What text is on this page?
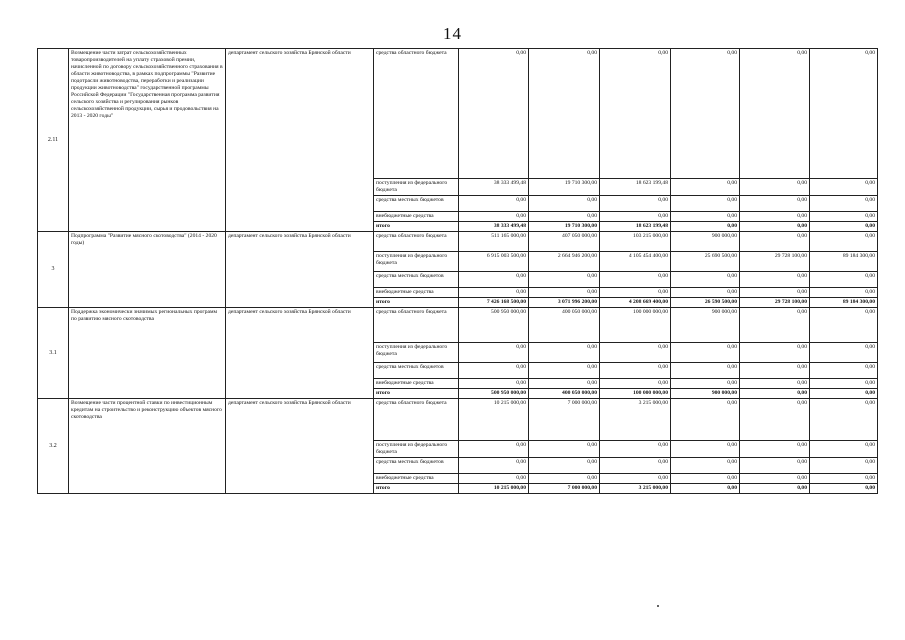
14
2.11	Возмещение части затрат сельскохозяйственных товаропроизводителей на уплату страховой премии, начисленной по договору сельскохозяйственного страхования в области животноводства, в рамках подпрограммы "Развитие подотрасли животноводства, переработки и реализации продукции животноводства" государственной программы Российской Федерации "Государственная программа развития сельского хозяйства и регулирования рынков сельскохозяйственной продукции, сырья и продовольствия на 2013 - 2020 годы"	департамент сельского хозяйства Брянской области	средства областного бюджета	0,00	0,00	0,00	0,00	0,00	0,00
			поступления из федерального бюджета	38 333 499,48	19 710 300,00	18 623 199,48	0,00	0,00	0,00
			средства местных бюджетов	0,00	0,00	0,00	0,00	0,00	0,00
			внебюджетные средства	0,00	0,00	0,00	0,00	0,00	0,00
			итого	38 333 499,48	19 710 300,00	18 623 199,48	0,00	0,00	0,00
3	Подпрограмма "Развитие мясного скотоводства" (2014 - 2020 годы)	департамент сельского хозяйства Брянской области	средства областного бюджета	511 165 000,00	407 050 000,00	103 215 000,00	900 000,00	0,00	0,00
			поступления из федерального бюджета	6 915 003 500,00	2 664 946 200,00	4 105 454 400,00	25 690 500,00	29 728 100,00	89 184 300,00
			средства местных бюджетов	0,00	0,00	0,00	0,00	0,00	0,00
			внебюджетные средства	0,00	0,00	0,00	0,00	0,00	0,00
			итого	7 426 168 500,00	3 071 996 200,00	4 208 669 400,00	26 590 500,00	29 728 100,00	89 184 300,00
3.1	Поддержка экономически значимых региональных программ по развитию мясного скотоводства	департамент сельского хозяйства Брянской области	средства областного бюджета	500 950 000,00	400 050 000,00	100 000 000,00	900 000,00	0,00	0,00
			поступления из федерального бюджета	0,00	0,00	0,00	0,00	0,00	0,00
			средства местных бюджетов	0,00	0,00	0,00	0,00	0,00	0,00
			внебюджетные средства	0,00	0,00	0,00	0,00	0,00	0,00
			итого	500 950 000,00	400 050 000,00	100 000 000,00	900 000,00	0,00	0,00
3.2	Возмещение части процентной ставки по инвестиционным кредитам на строительство и реконструкцию объектов мясного скотоводства	департамент сельского хозяйства Брянской области	средства областного бюджета	10 215 000,00	7 000 000,00	3 215 000,00	0,00	0,00	0,00
			поступления из федерального бюджета	0,00	0,00	0,00	0,00	0,00	0,00
			средства местных бюджетов	0,00	0,00	0,00	0,00	0,00	0,00
			внебюджетные средства	0,00	0,00	0,00	0,00	0,00	0,00
			итого	10 215 000,00	7 000 000,00	3 215 000,00	0,00	0,00	0,00
